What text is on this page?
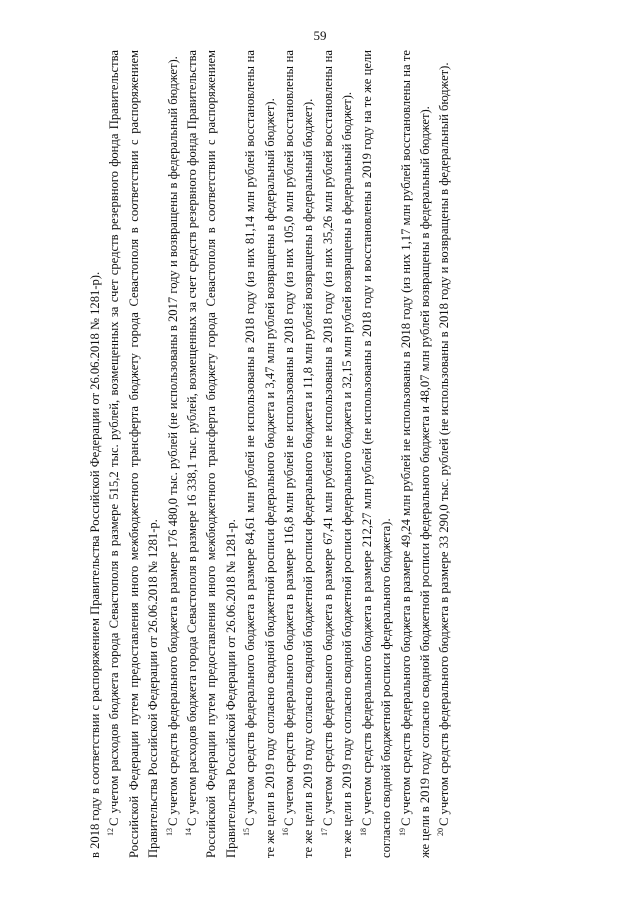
59

в 2018 году в соответствии с распоряжением Правительства Российской Федерации от 26.06.2018 № 1281-р). $^{12}$С учетом расходов бюджета города Севастополя в размере 515,2 тыс. рублей, возмещенных за счет средств резервного фонда Правительства Российской Федерации путем предоставления иного межбюджетного трансферта бюджету города Севастополя в соответствии с распоряжением Правительства Российской Федерации от 26.06.2018 № 1281-р. $^{13}$С учетом средств федерального бюджета в размере 176 480,0 тыс. рублей (не использованы в 2017 году и возвращены в федеральный бюджет).

$^{14}$С учетом расходов бюджета города Севастополя в размере 16 338,1 тыс. рублей, возмещенных за счет средств резервного фонда Правительства Российской Федерации путем предоставления иного межбюджетного трансферта бюджету города Севастополя в соответствии с распоряжением Правительства Российской Федерации от 26.06.2018 № 1281-р. $^{15}$С учетом средств федерального бюджета в размере 84,61 млн рублей не использованы в 2018 году (из них 81,14 млн рублей восстановлены на те же цели в 2019 году согласно сводной бюджетной росписи федерального бюджета и 3,47 млн рублей возвращены в федеральный бюджет). $^{16}$С учетом средств федерального бюджета в размере 116,8 млн рублей не использованы в 2018 году (из них 105,0 млн рублей восстановлены на те же цели в 2019 году согласно сводной бюджетной росписи федерального бюджета и 11,8 млн рублей возвращены в федеральный бюджет). $^{17}$С учетом средств федерального бюджета в размере 67,41 млн рублей не использованы в 2018 году (из них 35,26 млн рублей восстановлены на те же цели в 2019 году согласно сводной бюджетной росписи федерального бюджета и 32,15 млн рублей возвращены в федеральный бюджет). $^{18}$С учетом средств федерального бюджета в размере 212,27 млн рублей (не использованы в 2018 году и восстановлены в 2019 году на те же цели согласно сводной бюджетной росписи федерального бюджета). $^{19}$С учетом средств федерального бюджета в размере 49,24 млн рублей не использованы в 2018 году (из них 1,17 млн рублей восстановлены на те же цели в 2019 году согласно сводной бюджетной росписи федерального бюджета и 48,07 млн рублей возвращены в федеральный бюджет). $^{20}$С учетом средств федерального бюджета в размере 33 290,0 тыс. рублей (не использованы в 2018 году и возвращены в федеральный бюджет).
